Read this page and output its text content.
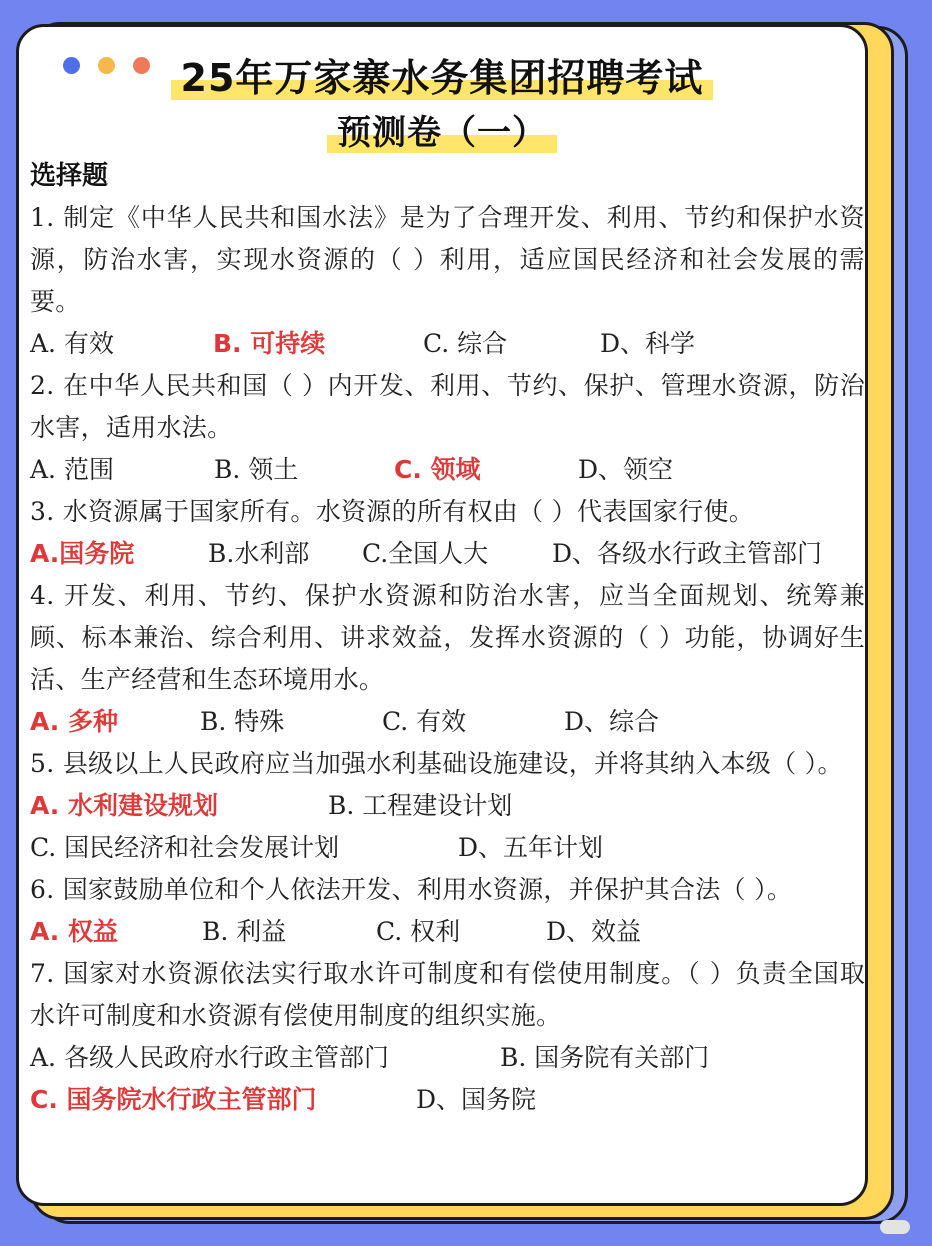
25年万家寨水务集团招聘考试
预测卷（一）
选择题
1. 制定《中华人民共和国水法》是为了合理开发、利用、节约和保护水资源，防治水害，实现水资源的（ ）利用，适应国民经济和社会发展的需要。
A. 有效	B. 可持续	C. 综合	D、科学
2. 在中华人民共和国（ ）内开发、利用、节约、保护、管理水资源，防治水害，适用水法。
A. 范围	B. 领土	C. 领域	D、领空
3. 水资源属于国家所有。水资源的所有权由（ ）代表国家行使。
A.国务院	B.水利部	C.全国人大	D、各级水行政主管部门
4. 开发、利用、节约、保护水资源和防治水害，应当全面规划、统筹兼顾、标本兼治、综合利用、讲求效益，发挥水资源的（ ）功能，协调好生活、生产经营和生态环境用水。
A. 多种	B. 特殊	C. 有效	D、综合
5. 县级以上人民政府应当加强水利基础设施建设，并将其纳入本级（ ）。
A. 水利建设规划	B. 工程建设计划
C. 国民经济和社会发展计划	D、五年计划
6. 国家鼓励单位和个人依法开发、利用水资源，并保护其合法（ ）。
A. 权益	B. 利益	C. 权利	D、效益
7. 国家对水资源依法实行取水许可制度和有偿使用制度。（ ）负责全国取水许可制度和水资源有偿使用制度的组织实施。
A. 各级人民政府水行政主管部门	B. 国务院有关部门
C. 国务院水行政主管部门	D、国务院
